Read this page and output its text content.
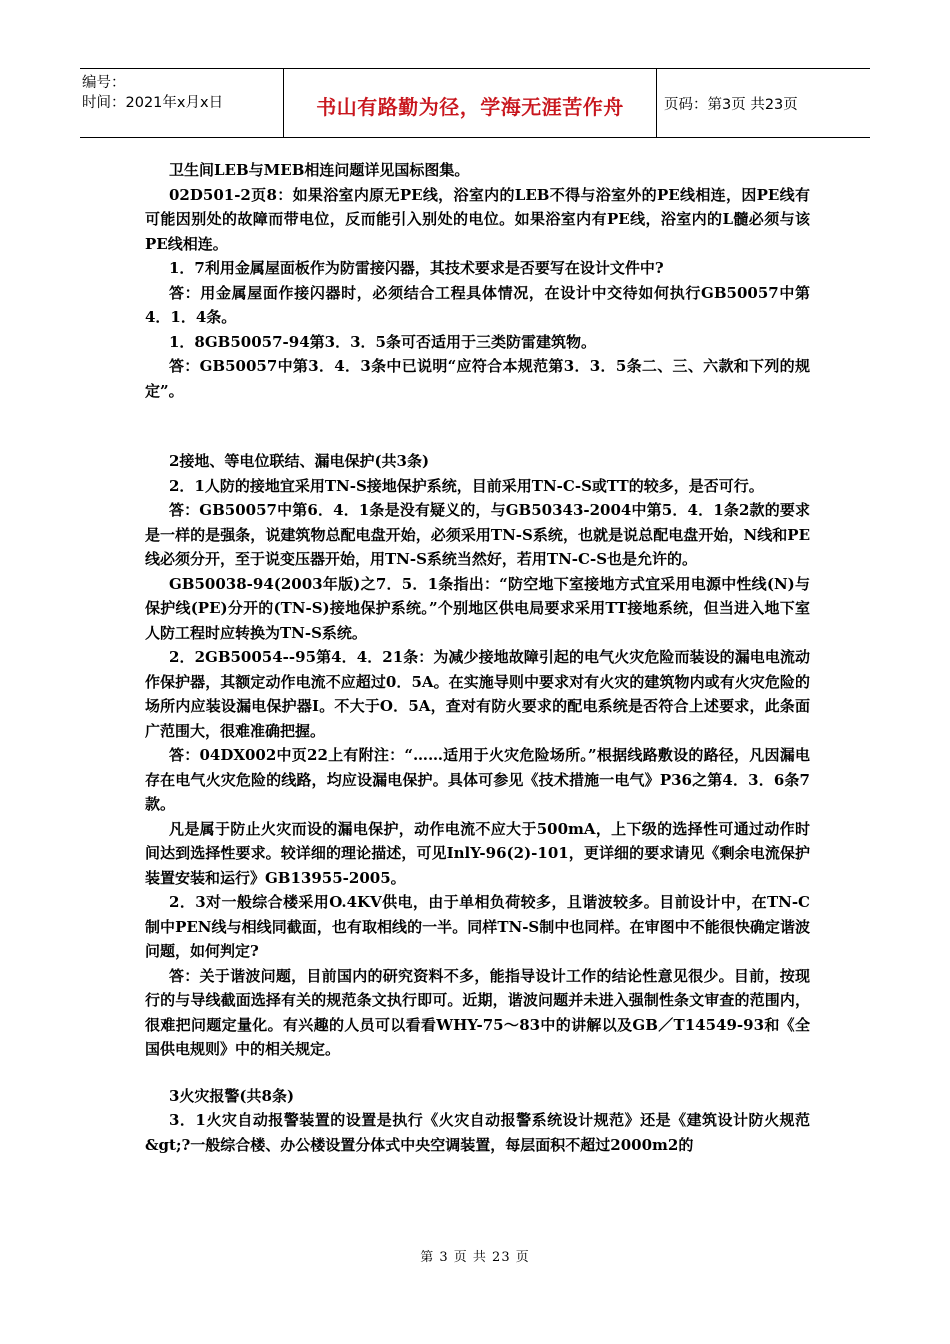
编号：
时间：2021年x月x日	书山有路勤为径，学海无涯苦作舟	页码：第3页 共23页

卫生间LEB与MEB相连问题详见国标图集。

02D501-2页8：如果浴室内原无PE线，浴室内的LEB不得与浴室外的PE线相连，因PE线有可能因别处的故障而带电位，反而能引入别处的电位。如果浴室内有PE线，浴室内的L髓必须与该PE线相连。

1．7利用金属屋面板作为防雷接闪器，其技术要求是否要写在设计文件中?

答：用金属屋面作接闪器时，必须结合工程具体情况，在设计中交待如何执行GB50057中第4．1．4条。

1．8GB50057-94第3．3．5条可否适用于三类防雷建筑物。

答：GB50057中第3．4．3条中已说明“应符合本规范第3．3．5条二、三、六款和下列的规定”。

2接地、等电位联结、漏电保护(共3条)

2．1人防的接地宜采用TN-S接地保护系统，目前采用TN-C-S或TT的较多，是否可行。

答：GB50057中第6．4．1条是没有疑义的，与GB50343-2004中第5．4．1条2款的要求是一样的是强条，说建筑物总配电盘开始，必须采用TN-S系统，也就是说总配电盘开始，N线和PE线必须分开，至于说变压器开始，用TN-S系统当然好，若用TN-C-S也是允许的。

GB50038-94(2003年版)之7．5．1条指出：“防空地下室接地方式宜采用电源中性线(N)与保护线(PE)分开的(TN-S)接地保护系统。”个别地区供电局要求采用TT接地系统，但当进入地下室人防工程时应转换为TN-S系统。

2．2GB50054--95第4．4．21条：为减少接地故障引起的电气火灾危险而装设的漏电电流动作保护器，其额定动作电流不应超过0．5A。在实施导则中要求对有火灾的建筑物内或有火灾危险的场所内应装设漏电保护器I。不大于O．5A，査对有防火要求的配电系统是否符合上述要求，此条面广范围大，很难准确把握。

答：04DX002中页22上有附注：“……适用于火灾危险场所。”根据线路敷设的路径，凡因漏电存在电气火灾危险的线路，均应设漏电保护。具体可参见《技术措施一电气》P36之第4．3．6条7款。

凡是属于防止火灾而设的漏电保护，动作电流不应大于500mA，上下级的选择性可通过动作时间达到选择性要求。较详细的理论描述，可见InlY-96(2)-101，更详细的要求请见《剩余电流保护装置安装和运行》GB13955-2005。

2．3对一般综合楼采用O.4KV供电，由于单相负荷较多，且谐波较多。目前设计中，在TN-C制中PEN线与相线同截面，也有取相线的一半。同样TN-S制中也同样。在审图中不能很快确定谐波问题，如何判定?

答：关于谐波问题，目前国内的研究资料不多，能指导设计工作的结论性意见很少。目前，按现行的与导线截面选择有关的规范条文执行即可。近期，谐波问题并未进入强制性条文审查的范围内，很难把问题定量化。有兴趣的人员可以看看WHY-75～83中的讲解以及GB／T14549-93和《全国供电规则》中的相关规定。

3火灾报警(共8条)

3．1火灾自动报警装置的设置是执行《火灾自动报警系统设计规范》还是《建筑设计防火规范&gt;?一般综合楼、办公楼设置分体式中央空调装置，每层面积不超过2000m2的

第 3 页 共 23 页
